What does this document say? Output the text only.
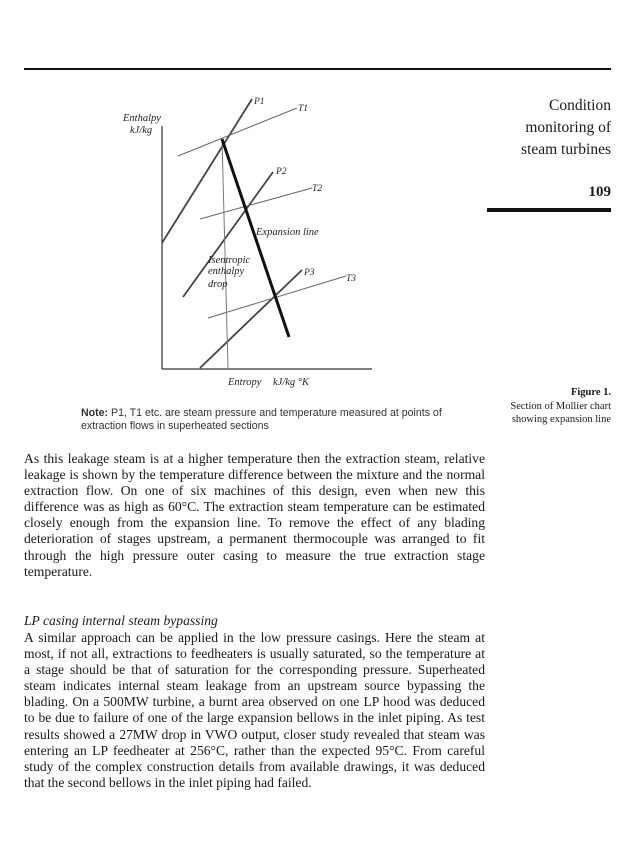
Condition
monitoring of
steam turbines
109
Enthalpy
kJ/kg
P1
T1
P2
T2
P3
T3
Expansion line
Isentropic
enthalpy
drop
Entropy kJ/kg °K
Note: P1, T1 etc. are steam pressure and temperature measured at points of extraction flows in superheated sections
Figure 1.
Section of Mollier chart
showing expansion line
As this leakage steam is at a higher temperature then the extraction steam, relative leakage is shown by the temperature difference between the mixture and the normal extraction flow. On one of six machines of this design, even when new this difference was as high as 60°C. The extraction steam temperature can be estimated closely enough from the expansion line. To remove the effect of any blading deterioration of stages upstream, a permanent thermocouple was arranged to fit through the high pressure outer casing to measure the true extraction stage temperature.
LP casing internal steam bypassing
A similar approach can be applied in the low pressure casings. Here the steam at most, if not all, extractions to feedheaters is usually saturated, so the temperature at a stage should be that of saturation for the corresponding pressure. Superheated steam indicates internal steam leakage from an upstream source bypassing the blading. On a 500MW turbine, a burnt area observed on one LP hood was deduced to be due to failure of one of the large expansion bellows in the inlet piping. As test results showed a 27MW drop in VWO output, closer study revealed that steam was entering an LP feedheater at 256°C, rather than the expected 95°C. From careful study of the complex construction details from available drawings, it was deduced that the second bellows in the inlet piping had failed.
